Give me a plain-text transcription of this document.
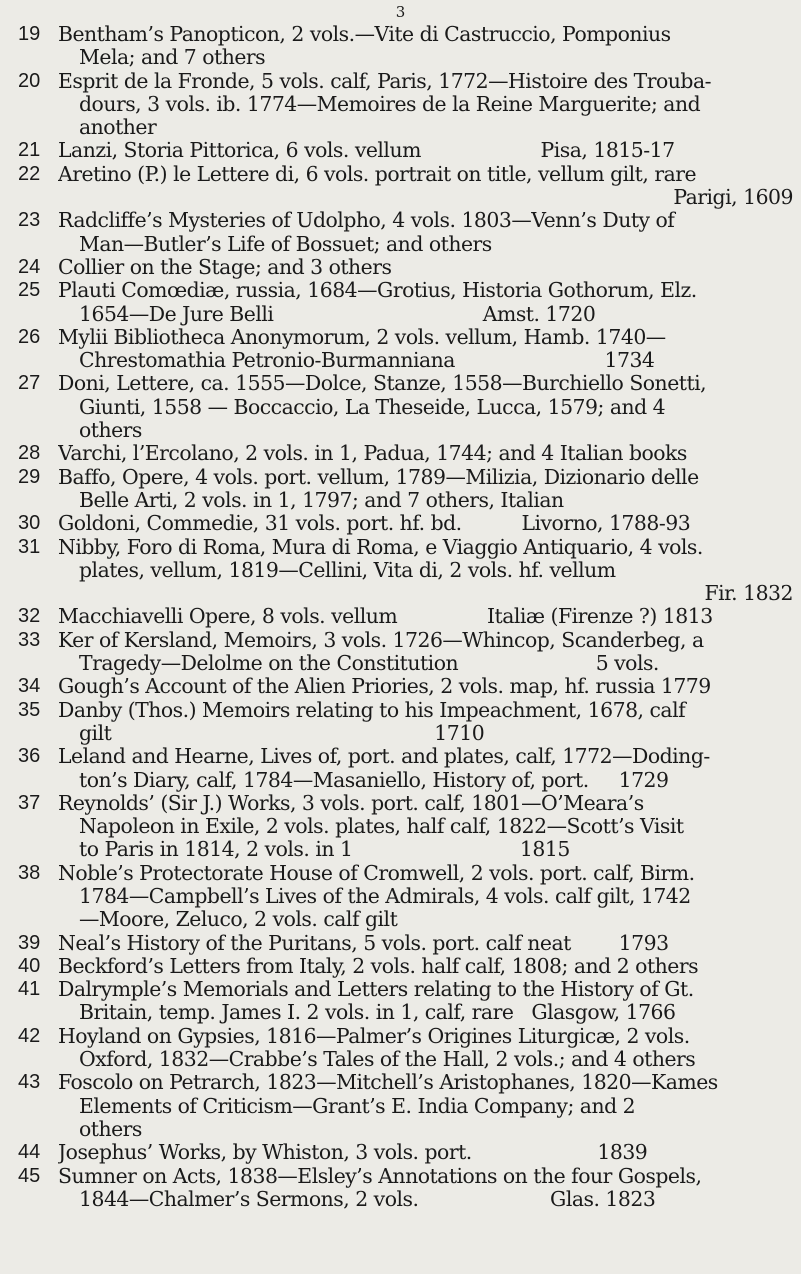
3
19 Bentham’s Panopticon, 2 vols.—Vite di Castruccio, Pomponius
Mela; and 7 others
20 Esprit de la Fronde, 5 vols. calf, Paris, 1772—Histoire des Trouba-
dours, 3 vols. ib. 1774—Memoires de la Reine Marguerite; and
another
21 Lanzi, Storia Pittorica, 6 vols. vellum                    Pisa, 1815-17
22 Aretino (P.) le Lettere di, 6 vols. portrait on title, vellum gilt, rare
Parigi, 1609
23 Radcliffe’s Mysteries of Udolpho, 4 vols. 1803—Venn’s Duty of
Man—Butler’s Life of Bossuet; and others
24 Collier on the Stage; and 3 others
25 Plauti Comœdiæ, russia, 1684—Grotius, Historia Gothorum, Elz.
1654—De Jure Belli                                   Amst. 1720
26 Mylii Bibliotheca Anonymorum, 2 vols. vellum, Hamb. 1740—
Chrestomathia Petronio-Burmanniana                         1734
27 Doni, Lettere, ca. 1555—Dolce, Stanze, 1558—Burchiello Sonetti,
Giunti, 1558 — Boccaccio, La Theseide, Lucca, 1579; and 4
others
28 Varchi, l’Ercolano, 2 vols. in 1, Padua, 1744; and 4 Italian books
29 Baffo, Opere, 4 vols. port. vellum, 1789—Milizia, Dizionario delle
Belle Arti, 2 vols. in 1, 1797; and 7 others, Italian
30 Goldoni, Commedie, 31 vols. port. hf. bd.          Livorno, 1788-93
31 Nibby, Foro di Roma, Mura di Roma, e Viaggio Antiquario, 4 vols.
plates, vellum, 1819—Cellini, Vita di, 2 vols. hf. vellum
Fir. 1832
32 Macchiavelli Opere, 8 vols. vellum               Italiæ (Firenze ?) 1813
33 Ker of Kersland, Memoirs, 3 vols. 1726—Whincop, Scanderbeg, a
Tragedy—Delolme on the Constitution                       5 vols.
34 Gough’s Account of the Alien Priories, 2 vols. map, hf. russia 1779
35 Danby (Thos.) Memoirs relating to his Impeachment, 1678, calf
gilt                                                      1710
36 Leland and Hearne, Lives of, port. and plates, calf, 1772—Doding-
ton’s Diary, calf, 1784—Masaniello, History of, port.     1729
37 Reynolds’ (Sir J.) Works, 3 vols. port. calf, 1801—O’Meara’s
Napoleon in Exile, 2 vols. plates, half calf, 1822—Scott’s Visit
to Paris in 1814, 2 vols. in 1                            1815
38 Noble’s Protectorate House of Cromwell, 2 vols. port. calf, Birm.
1784—Campbell’s Lives of the Admirals, 4 vols. calf gilt, 1742
—Moore, Zeluco, 2 vols. calf gilt
39 Neal’s History of the Puritans, 5 vols. port. calf neat        1793
40 Beckford’s Letters from Italy, 2 vols. half calf, 1808; and 2 others
41 Dalrymple’s Memorials and Letters relating to the History of Gt.
Britain, temp. James I. 2 vols. in 1, calf, rare   Glasgow, 1766
42 Hoyland on Gypsies, 1816—Palmer’s Origines Liturgicæ, 2 vols.
Oxford, 1832—Crabbe’s Tales of the Hall, 2 vols.; and 4 others
43 Foscolo on Petrarch, 1823—Mitchell’s Aristophanes, 1820—Kames
Elements of Criticism—Grant’s E. India Company; and 2
others
44 Josephus’ Works, by Whiston, 3 vols. port.                     1839
45 Sumner on Acts, 1838—Elsley’s Annotations on the four Gospels,
1844—Chalmer’s Sermons, 2 vols.                      Glas. 1823
